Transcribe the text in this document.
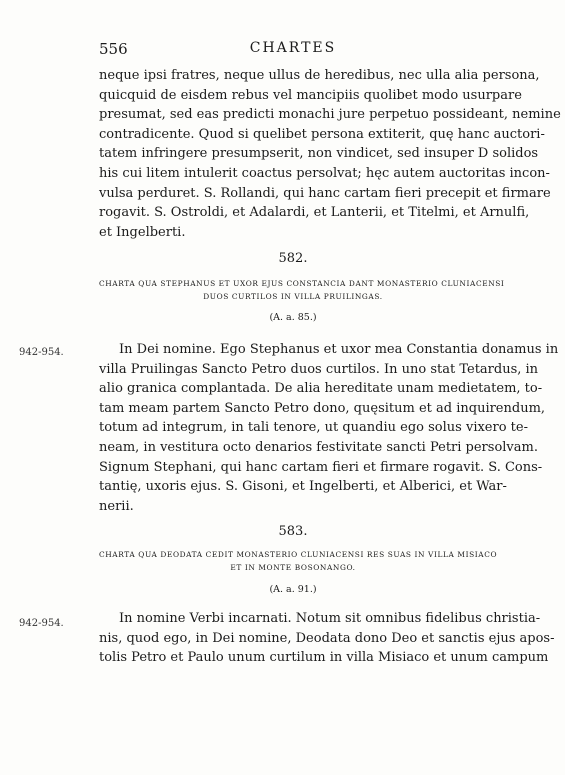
556	CHARTES
neque ipsi fratres, neque ullus de heredibus, nec ulla alia persona,
quicquid de eisdem rebus vel mancipiis quolibet modo usurpare
presumat, sed eas predicti monachi jure perpetuo possideant, nemine
contradicente. Quod si quelibet persona extiterit, quę hanc auctori-
tatem infringere presumpserit, non vindicet, sed insuper D solidos
his cui litem intulerit coactus persolvat; hęc autem auctoritas incon-
vulsa perduret. S. Rollandi, qui hanc cartam fieri precepit et firmare
rogavit. S. Ostroldi, et Adalardi, et Lanterii, et Titelmi, et Arnulfi,
et Ingelberti.
582.
CHARTA QUA STEPHANUS ET UXOR EJUS CONSTANCIA DANT MONASTERIO CLUNIACENSI
DUOS CURTILOS IN VILLA PRUILINGAS.
(A. a. 85.)
942-954.	In Dei nomine. Ego Stephanus et uxor mea Constantia donamus in
villa Pruilingas Sancto Petro duos curtilos. In uno stat Tetardus, in
alio granica complantada. De alia hereditate unam medietatem, to-
tam meam partem Sancto Petro dono, quęsitum et ad inquirendum,
totum ad integrum, in tali tenore, ut quandiu ego solus vixero te-
neam, in vestitura octo denarios festivitate sancti Petri persolvam.
Signum Stephani, qui hanc cartam fieri et firmare rogavit. S. Cons-
tantię, uxoris ejus. S. Gisoni, et Ingelberti, et Alberici, et War-
nerii.
583.
CHARTA QUA DEODATA CEDIT MONASTERIO CLUNIACENSI RES SUAS IN VILLA MISIACO
ET IN MONTE BOSONANGO.
(A. a. 91.)
942-954.	In nomine Verbi incarnati. Notum sit omnibus fidelibus christia-
nis, quod ego, in Dei nomine, Deodata dono Deo et sanctis ejus apos-
tolis Petro et Paulo unum curtilum in villa Misiaco et unum campum
